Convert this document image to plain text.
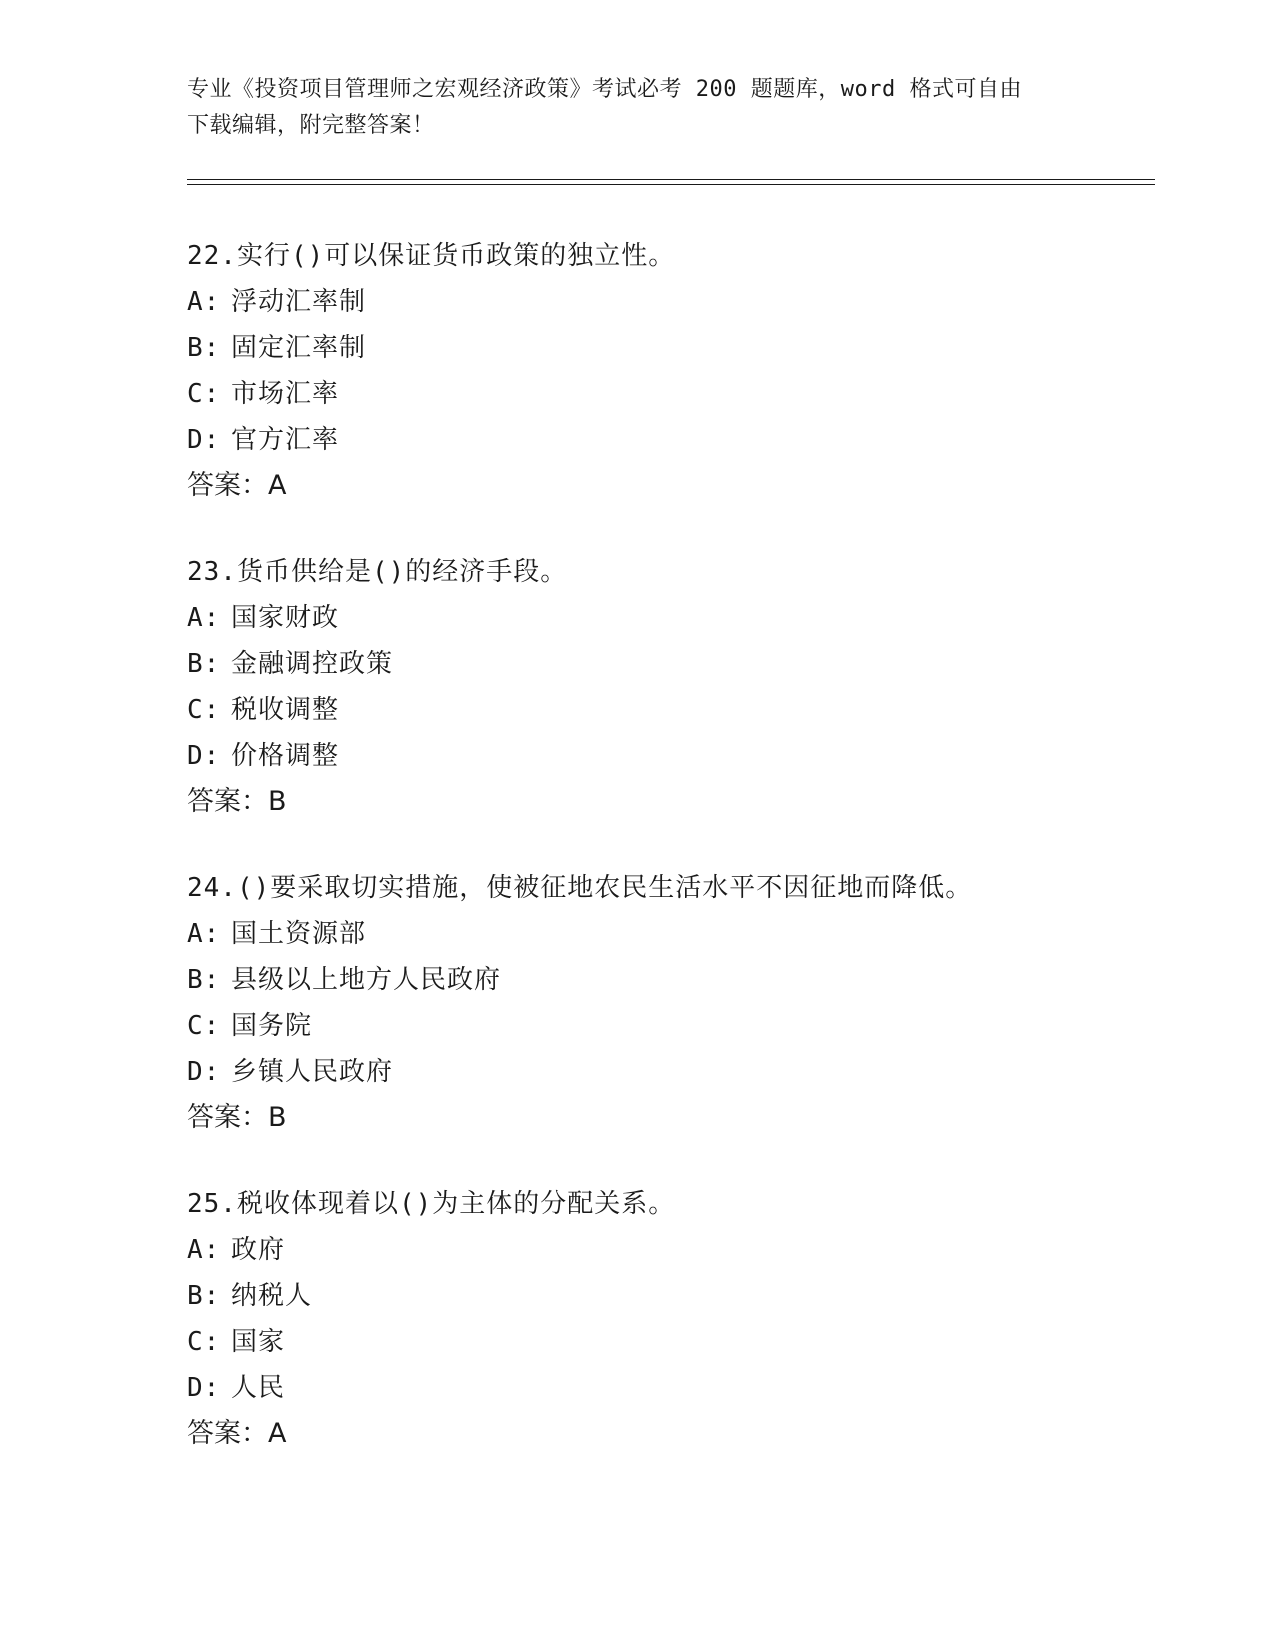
专业《投资项目管理师之宏观经济政策》考试必考 200 题题库，word 格式可自由
下载编辑，附完整答案！
22.实行()可以保证货币政策的独立性。
A: 浮动汇率制
B: 固定汇率制
C: 市场汇率
D: 官方汇率
答案：A
23.货币供给是()的经济手段。
A: 国家财政
B: 金融调控政策
C: 税收调整
D: 价格调整
答案：B
24.()要采取切实措施，使被征地农民生活水平不因征地而降低。
A: 国土资源部
B: 县级以上地方人民政府
C: 国务院
D: 乡镇人民政府
答案：B
25.税收体现着以()为主体的分配关系。
A: 政府
B: 纳税人
C: 国家
D: 人民
答案：A
